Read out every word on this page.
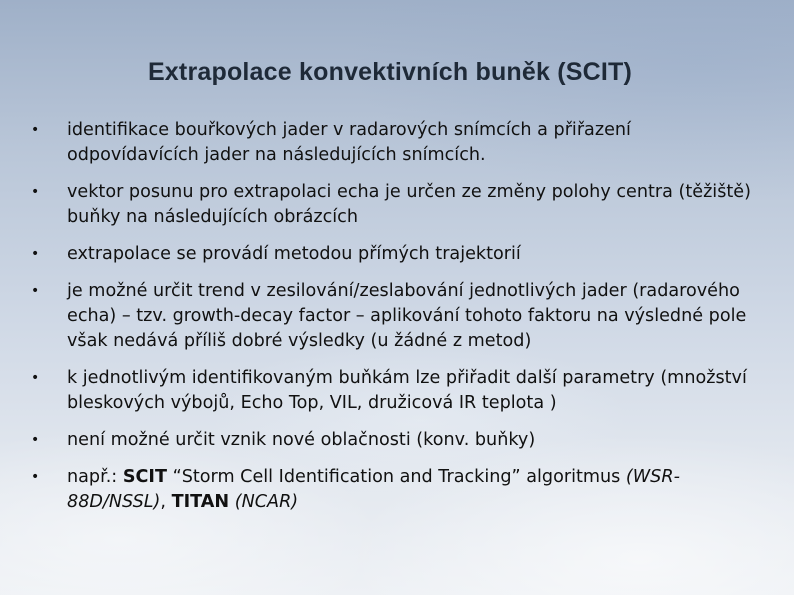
Extrapolace konvektivních buněk (SCIT)
• identifikace bouřkových jader v radarových snímcích a přiřazení odpovídavících jader na následujících snímcích.
• vektor posunu pro extrapolaci echa je určen ze změny polohy centra (těžiště) buňky na následujících obrázcích
• extrapolace se provádí metodou přímých trajektorií
• je možné určit trend v zesilování/zeslabování jednotlivých jader (radarového echa) – tzv. growth-decay factor – aplikování tohoto faktoru na výsledné pole však nedává příliš dobré výsledky (u žádné z metod)
• k jednotlivým identifikovaným buňkám lze přiřadit další parametry (množství bleskových výbojů, Echo Top, VIL, družicová IR teplota )
• není možné určit vznik nové oblačnosti (konv. buňky)
• např.: SCIT “Storm Cell Identification and Tracking” algoritmus (WSR-88D/NSSL), TITAN (NCAR)
